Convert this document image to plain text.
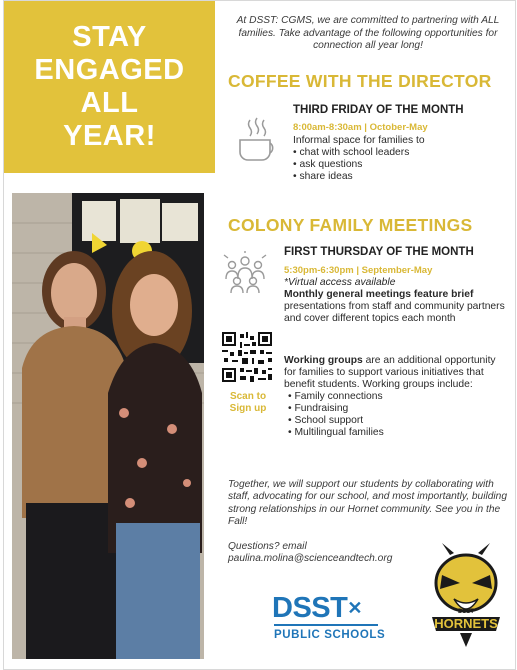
STAY
ENGAGED
ALL
YEAR!
At DSST: CGMS, we are committed to partnering with ALL families. Take advantage of the following opportunities for connection all year long!
COFFEE WITH THE DIRECTOR
THIRD FRIDAY OF THE MONTH
8:00am-8:30am | October-May
Informal space for families to
• chat with school leaders
• ask questions
• share ideas
COLONY FAMILY MEETINGS
FIRST THURSDAY OF THE MONTH
5:30pm-6:30pm | September-May
*Virtual access available
Monthly general meetings feature brief
presentations from staff and community partners and cover different topics each month
Scan to
Sign up
Working groups are an additional opportunity for families to support various initiatives that benefit students. Working groups include:
• Family connections
• Fundraising
• School support
• Multilingual families
Together, we will support our students by collaborating with staff, advocating for our school, and most importantly, building strong relationships in our Hornet community. See you in the Fall!
Questions? email
paulina.molina@scienceandtech.org
DSST✕
PUBLIC SCHOOLS
HORNETS
DSST
